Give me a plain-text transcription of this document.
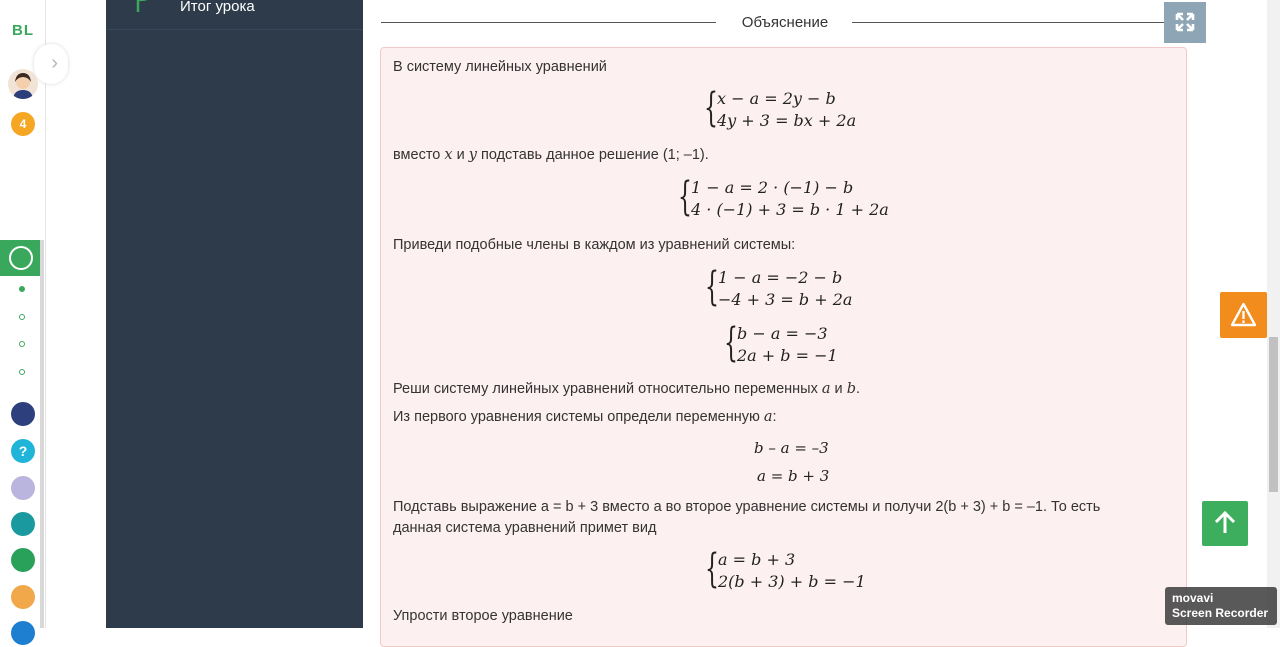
BL
›
4
?
Итог урока
Объяснение
В систему линейных уравнений
{ x − a = 2y − b
4y + 3 = bx + 2a
вместо x и y подставь данное решение (1; –1).
{ 1 − a = 2 · (−1) − b
4 · (−1) + 3 = b · 1 + 2a
Приведи подобные члены в каждом из уравнений системы:
{ 1 − a = −2 − b
−4 + 3 = b + 2a
{ b − a = −3
2a + b = −1
Реши систему линейных уравнений относительно переменных a и b.
Из первого уравнения системы определи переменную a:
b – a = –3
a = b + 3
Подставь выражение a = b + 3 вместо a во второе уравнение системы и получи 2(b + 3) + b = –1. То есть
данная система уравнений примет вид
{ a = b + 3
2(b + 3) + b = −1
Упрости второе уравнение
movavi
Screen Recorder
